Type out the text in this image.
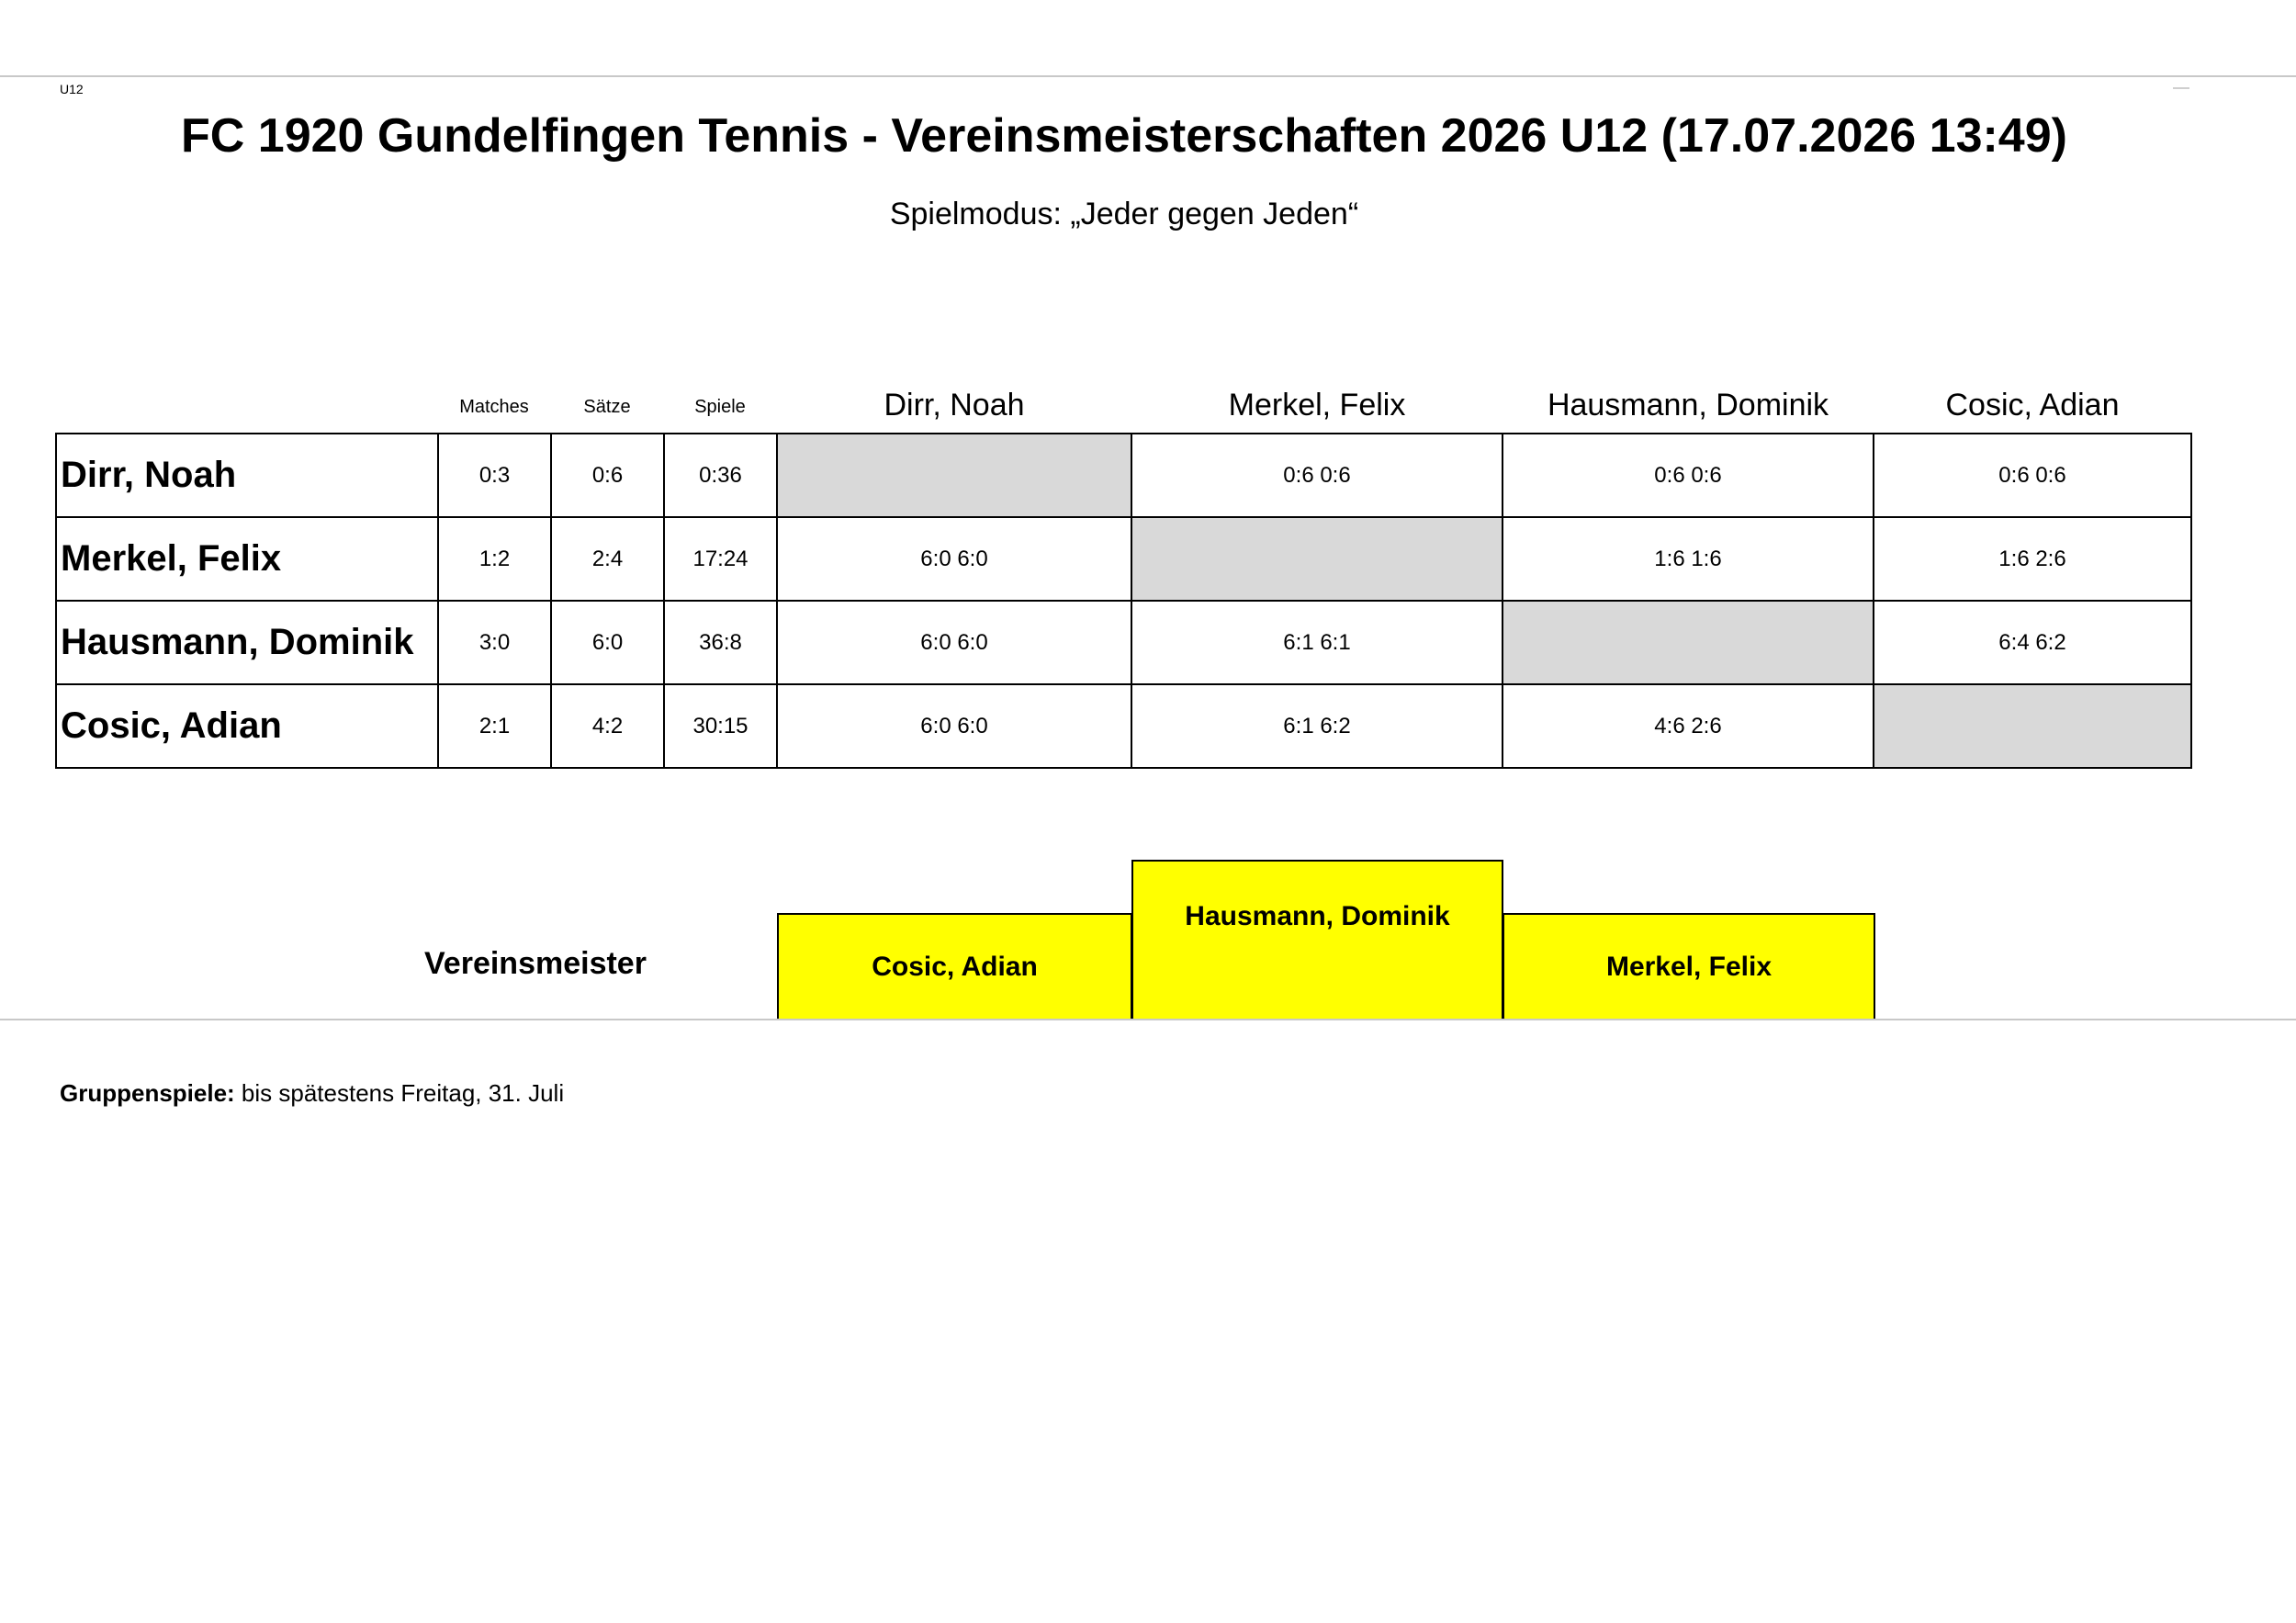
U12
FC 1920 Gundelfingen Tennis - Vereinsmeisterschaften 2026 U12 (17.07.2026 13:49)
Spielmodus: „Jeder gegen Jeden“
Matches	Sätze	Spiele	Dirr, Noah	Merkel, Felix	Hausmann, Dominik	Cosic, Adian
Dirr, Noah	0:3	0:6	0:36		0:6 0:6	0:6 0:6	0:6 0:6
Merkel, Felix	1:2	2:4	17:24	6:0 6:0		1:6 1:6	1:6 2:6
Hausmann, Dominik	3:0	6:0	36:8	6:0 6:0	6:1 6:1		6:4 6:2
Cosic, Adian	2:1	4:2	30:15	6:0 6:0	6:1 6:2	4:6 2:6	
Vereinsmeister	Cosic, Adian
Hausmann, Dominik
Merkel, Felix
Gruppenspiele: bis spätestens Freitag, 31. Juli
